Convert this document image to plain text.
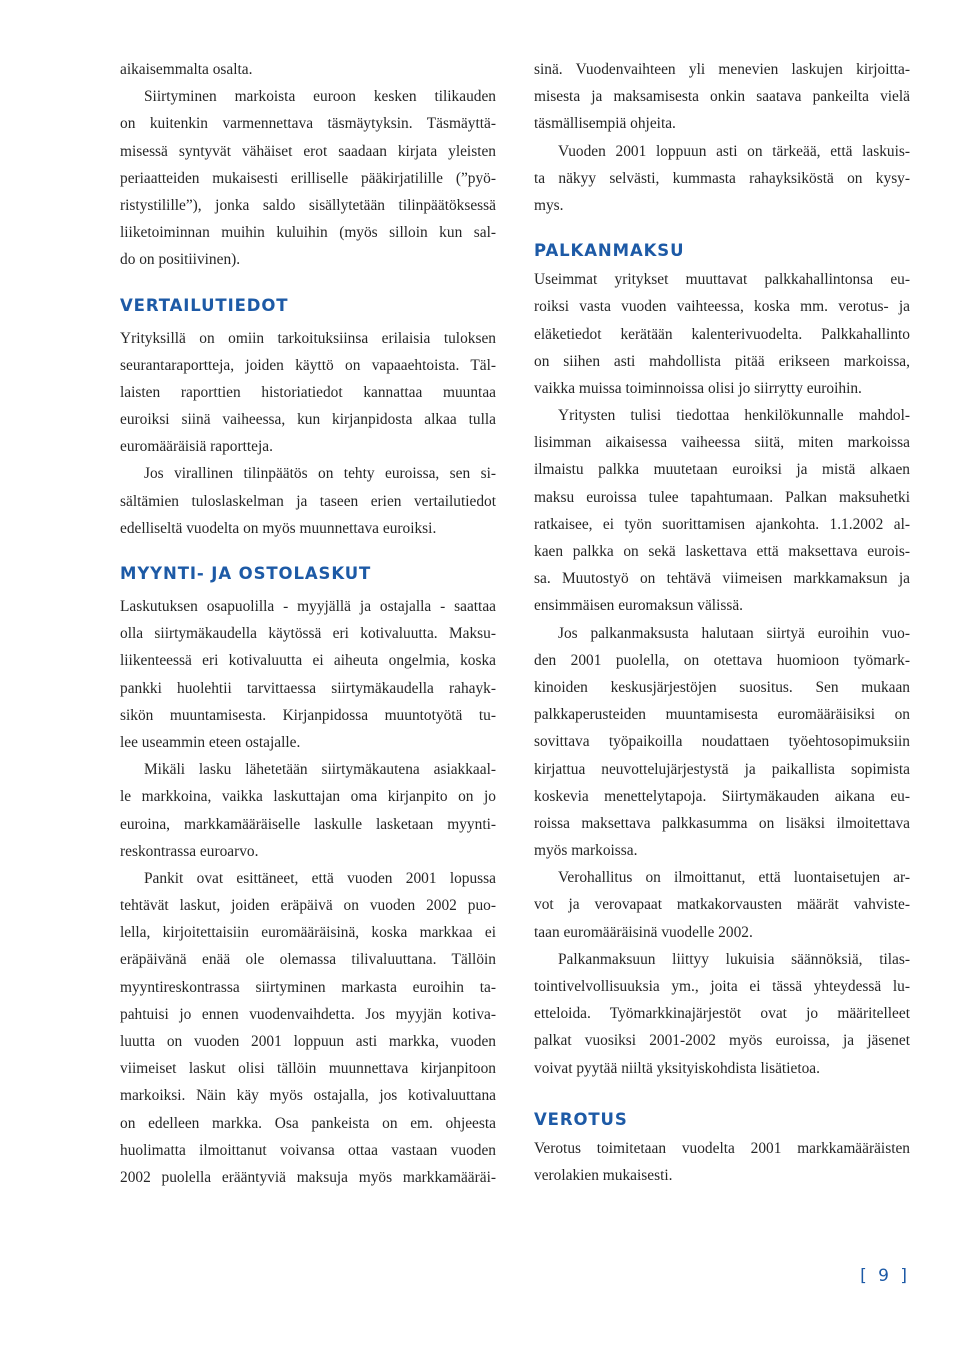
aikaisemmalta osalta.
Siirtyminen markoista euroon kesken tilikauden
on kuitenkin varmennettava täsmäytyksin. Täsmäyttä-
misessä syntyvät vähäiset erot saadaan kirjata yleisten
periaatteiden mukaisesti erilliselle pääkirjatilille (”pyö-
ristystilille”), jonka saldo sisällytetään tilinpäätöksessä
liiketoiminnan muihin kuluihin (myös silloin kun sal-
do on positiivinen).
VERTAILUTIEDOT
Yrityksillä on omiin tarkoituksiinsa erilaisia tuloksen
seurantaraportteja, joiden käyttö on vapaaehtoista. Täl-
laisten raporttien historiatiedot kannattaa muuntaa
euroiksi siinä vaiheessa, kun kirjanpidosta alkaa tulla
euromääräisiä raportteja.
Jos virallinen tilinpäätös on tehty euroissa, sen si-
sältämien tuloslaskelman ja taseen erien vertailutiedot
edelliseltä vuodelta on myös muunnettava euroiksi.
MYYNTI- JA OSTOLASKUT
Laskutuksen osapuolilla - myyjällä ja ostajalla - saattaa
olla siirtymäkaudella käytössä eri kotivaluutta. Maksu-
liikenteessä eri kotivaluutta ei aiheuta ongelmia, koska
pankki huolehtii tarvittaessa siirtymäkaudella rahayk-
sikön muuntamisesta. Kirjanpidossa muuntotyötä tu-
lee useammin eteen ostajalle.
Mikäli lasku lähetetään siirtymäkautena asiakkaal-
le markkoina, vaikka laskuttajan oma kirjanpito on jo
euroina, markkamääräiselle laskulle lasketaan myynti-
reskontrassa euroarvo.
Pankit ovat esittäneet, että vuoden 2001 lopussa
tehtävät laskut, joiden eräpäivä on vuoden 2002 puo-
lella, kirjoitettaisiin euromääräisinä, koska markkaa ei
eräpäivänä enää ole olemassa tilivaluuttana. Tällöin
myyntireskontrassa siirtyminen markasta euroihin ta-
pahtuisi jo ennen vuodenvaihdetta. Jos myyjän kotiva-
luutta on vuoden 2001 loppuun asti markka, vuoden
viimeiset laskut olisi tällöin muunnettava kirjanpitoon
markoiksi. Näin käy myös ostajalla, jos kotivaluuttana
on edelleen markka. Osa pankeista on em. ohjeesta
huolimatta ilmoittanut voivansa ottaa vastaan vuoden
2002 puolella erääntyviä maksuja myös markkamääräi-
sinä. Vuodenvaihteen yli menevien laskujen kirjoitta-
misesta ja maksamisesta onkin saatava pankeilta vielä
täsmällisempiä ohjeita.
Vuoden 2001 loppuun asti on tärkeää, että laskuis-
ta näkyy selvästi, kummasta rahayksiköstä on kysy-
mys.
PALKANMAKSU
Useimmat yritykset muuttavat palkkahallintonsa eu-
roiksi vasta vuoden vaihteessa, koska mm. verotus- ja
eläketiedot kerätään kalenterivuodelta. Palkkahallinto
on siihen asti mahdollista pitää erikseen markoissa,
vaikka muissa toiminnoissa olisi jo siirrytty euroihin.
Yritysten tulisi tiedottaa henkilökunnalle mahdol-
lisimman aikaisessa vaiheessa siitä, miten markoissa
ilmaistu palkka muutetaan euroiksi ja mistä alkaen
maksu euroissa tulee tapahtumaan. Palkan maksuhetki
ratkaisee, ei työn suorittamisen ajankohta. 1.1.2002 al-
kaen palkka on sekä laskettava että maksettava eurois-
sa. Muutostyö on tehtävä viimeisen markkamaksun ja
ensimmäisen euromaksun välissä.
Jos palkanmaksusta halutaan siirtyä euroihin vuo-
den 2001 puolella, on otettava huomioon työmark-
kinoiden keskusjärjestöjen suositus. Sen mukaan
palkkaperusteiden muuntamisesta euromääräisiksi on
sovittava työpaikoilla noudattaen työehtosopimuksiin
kirjattua neuvottelujärjestystä ja paikallista sopimista
koskevia menettelytapoja. Siirtymäkauden aikana eu-
roissa maksettava palkkasumma on lisäksi ilmoitettava
myös markoissa.
Verohallitus on ilmoittanut, että luontaisetujen ar-
vot ja verovapaat matkakorvausten määrät vahviste-
taan euromääräisinä vuodelle 2002.
Palkanmaksuun liittyy lukuisia säännöksiä, tilas-
tointivelvollisuuksia ym., joita ei tässä yhteydessä lu-
etteloida. Työmarkkinajärjestöt ovat jo määritelleet
palkat vuosiksi 2001-2002 myös euroissa, ja jäsenet
voivat pyytää niiltä yksityiskohdista lisätietoa.
VEROTUS
Verotus toimitetaan vuodelta 2001 markkamääräisten
verolakien mukaisesti.
[ 9 ]
